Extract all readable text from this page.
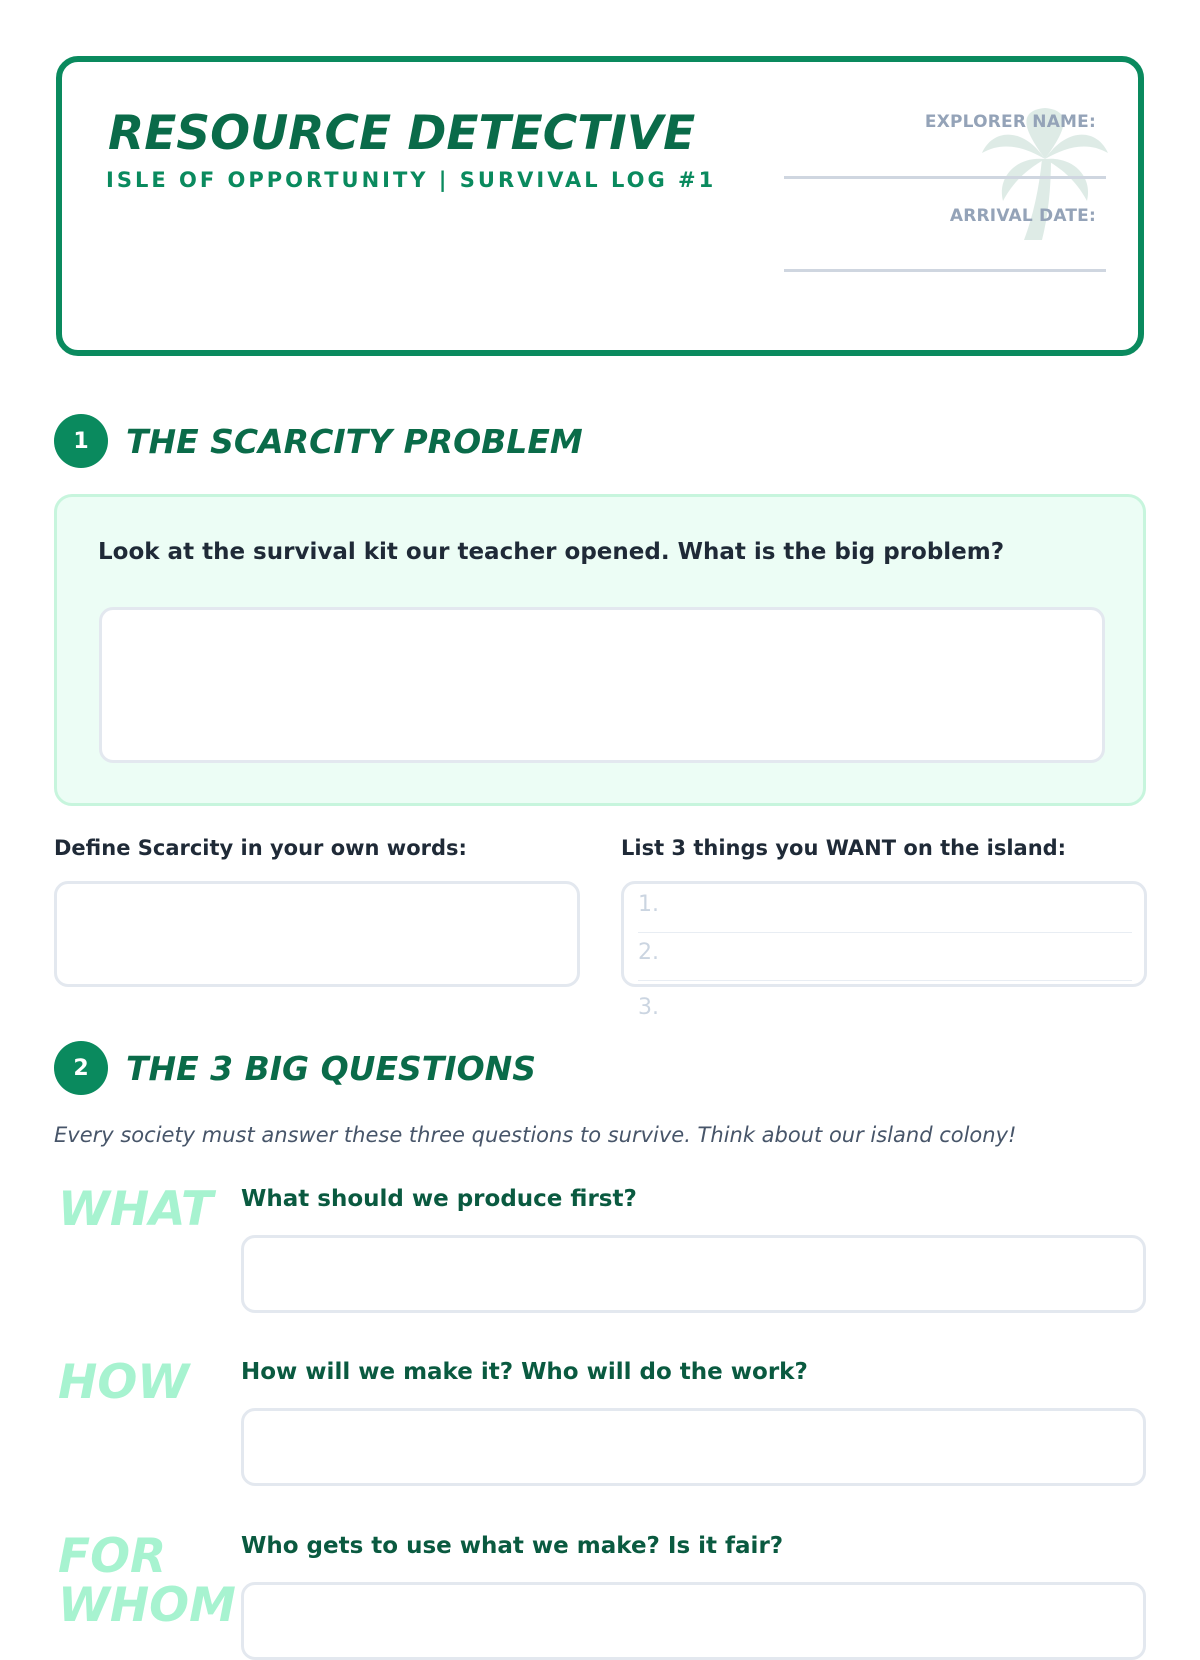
RESOURCE DETECTIVE
ISLE OF OPPORTUNITY | SURVIVAL LOG #1
EXPLORER NAME:
ARRIVAL DATE:
1	THE SCARCITY PROBLEM
Look at the survival kit our teacher opened. What is the big problem?
Define Scarcity in your own words:	List 3 things you WANT on the island:
1.
2.
3.
2	THE 3 BIG QUESTIONS
Every society must answer these three questions to survive. Think about our island colony!
WHAT What should we produce first?
HOW How will we make it? Who will do the work?
FOR WHOM
Who gets to use what we make? Is it fair?
